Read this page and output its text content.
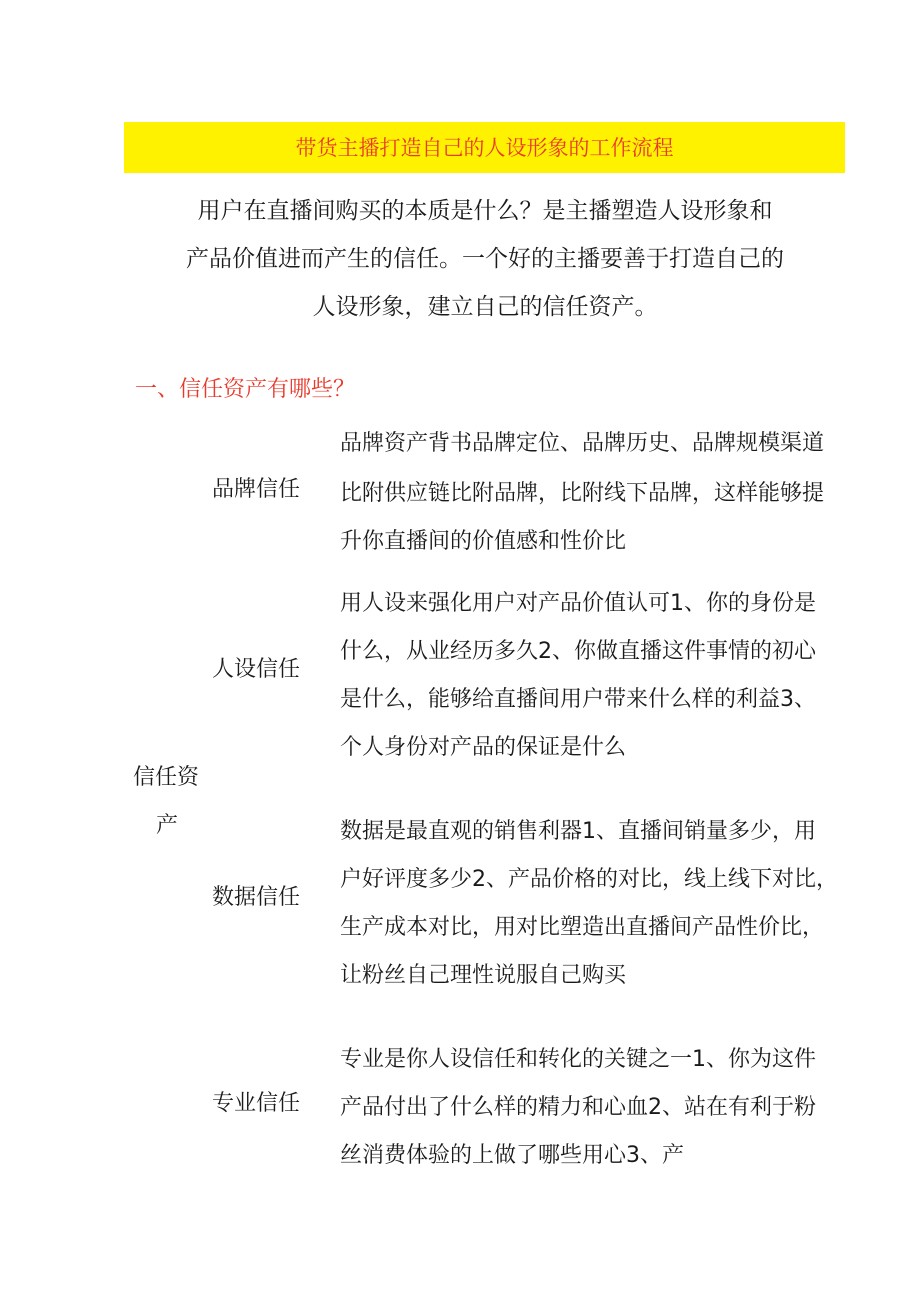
带货主播打造自己的人设形象的工作流程
用户在直播间购买的本质是什么？是主播塑造人设形象和
产品价值进而产生的信任。一个好的主播要善于打造自己的
人设形象，建立自己的信任资产。
一、信任资产有哪些？
信任资
产
品牌信任
品牌资产背书品牌定位、品牌历史、品牌规模渠道
比附供应链比附品牌，比附线下品牌，这样能够提
升你直播间的价值感和性价比
人设信任
用人设来强化用户对产品价值认可1、你的身份是
什么，从业经历多久2、你做直播这件事情的初心
是什么，能够给直播间用户带来什么样的利益3、
个人身份对产品的保证是什么
数据信任
数据是最直观的销售利器1、直播间销量多少，用
户好评度多少2、产品价格的对比，线上线下对比，
生产成本对比，用对比塑造出直播间产品性价比，
让粉丝自己理性说服自己购买
专业信任
专业是你人设信任和转化的关键之一1、你为这件
产品付出了什么样的精力和心血2、站在有利于粉
丝消费体验的上做了哪些用心3、产
